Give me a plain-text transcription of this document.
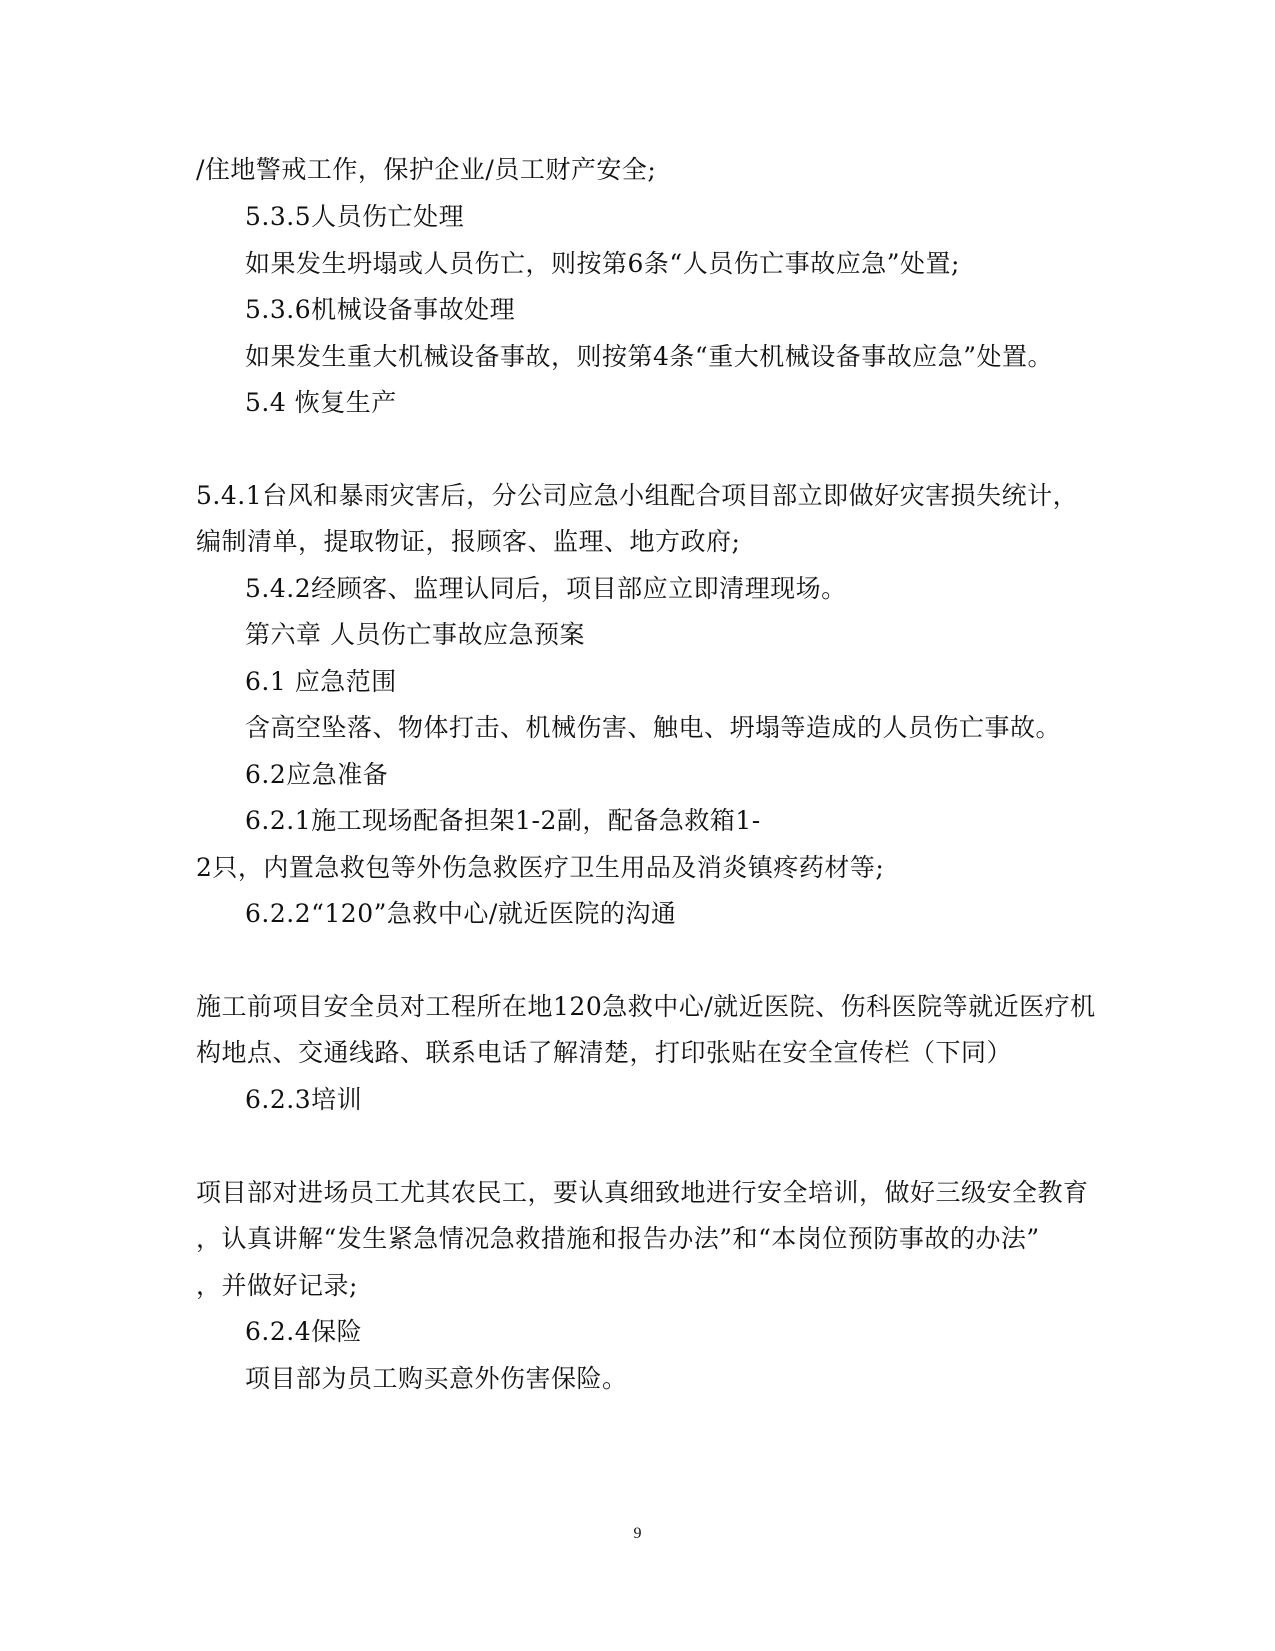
/住地警戒工作，保护企业/员工财产安全;
5.3.5人员伤亡处理
如果发生坍塌或人员伤亡，则按第6条“人员伤亡事故应急”处置;
5.3.6机械设备事故处理
如果发生重大机械设备事故，则按第4条“重大机械设备事故应急”处置。
5.4 恢复生产
5.4.1台风和暴雨灾害后，分公司应急小组配合项目部立即做好灾害损失统计，
编制清单，提取物证，报顾客、监理、地方政府;
5.4.2经顾客、监理认同后，项目部应立即清理现场。
第六章 人员伤亡事故应急预案
6.1 应急范围
含高空坠落、物体打击、机械伤害、触电、坍塌等造成的人员伤亡事故。
6.2应急准备
6.2.1施工现场配备担架1-2副，配备急救箱1-
2只，内置急救包等外伤急救医疗卫生用品及消炎镇疼药材等;
6.2.2“120”急救中心/就近医院的沟通
施工前项目安全员对工程所在地120急救中心/就近医院、伤科医院等就近医疗机
构地点、交通线路、联系电话了解清楚，打印张贴在安全宣传栏（下同）
6.2.3培训
项目部对进场员工尤其农民工，要认真细致地进行安全培训，做好三级安全教育
，认真讲解“发生紧急情况急救措施和报告办法”和“本岗位预防事故的办法”
，并做好记录;
6.2.4保险
项目部为员工购买意外伤害保险。
9
